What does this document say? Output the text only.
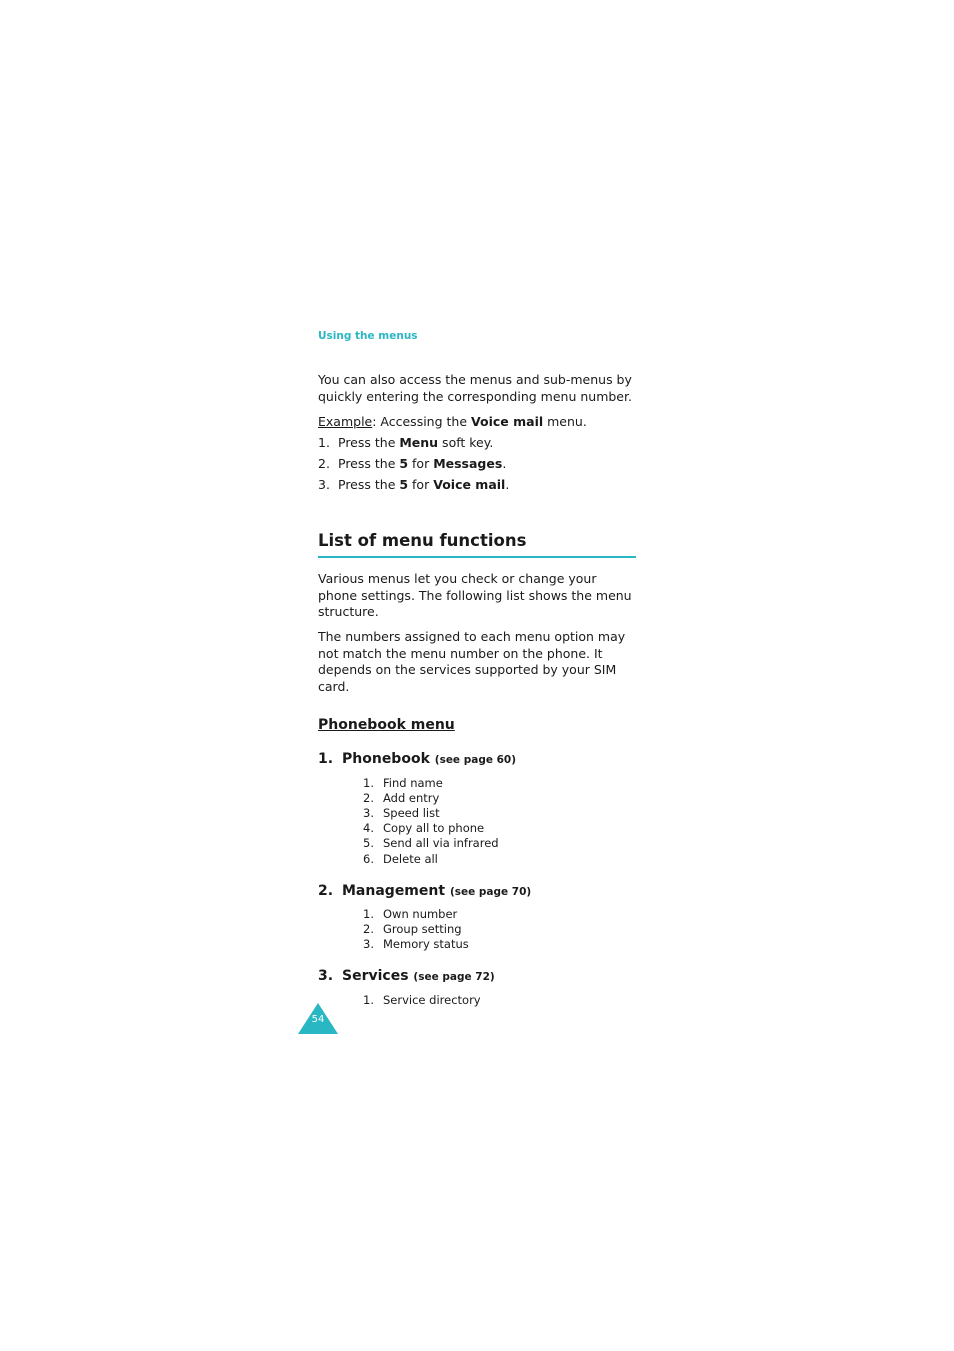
Using the menus
You can also access the menus and sub-menus by quickly entering the corresponding menu number.
Example: Accessing the Voice mail menu.
1. Press the Menu soft key.
2. Press the 5 for Messages.
3. Press the 5 for Voice mail.
List of menu functions
Various menus let you check or change your phone settings. The following list shows the menu structure.
The numbers assigned to each menu option may not match the menu number on the phone. It depends on the services supported by your SIM card.
Phonebook menu
1. Phonebook (see page 60)
1. Find name
2. Add entry
3. Speed list
4. Copy all to phone
5. Send all via infrared
6. Delete all
2. Management (see page 70)
1. Own number
2. Group setting
3. Memory status
3. Services (see page 72)
1. Service directory
54
